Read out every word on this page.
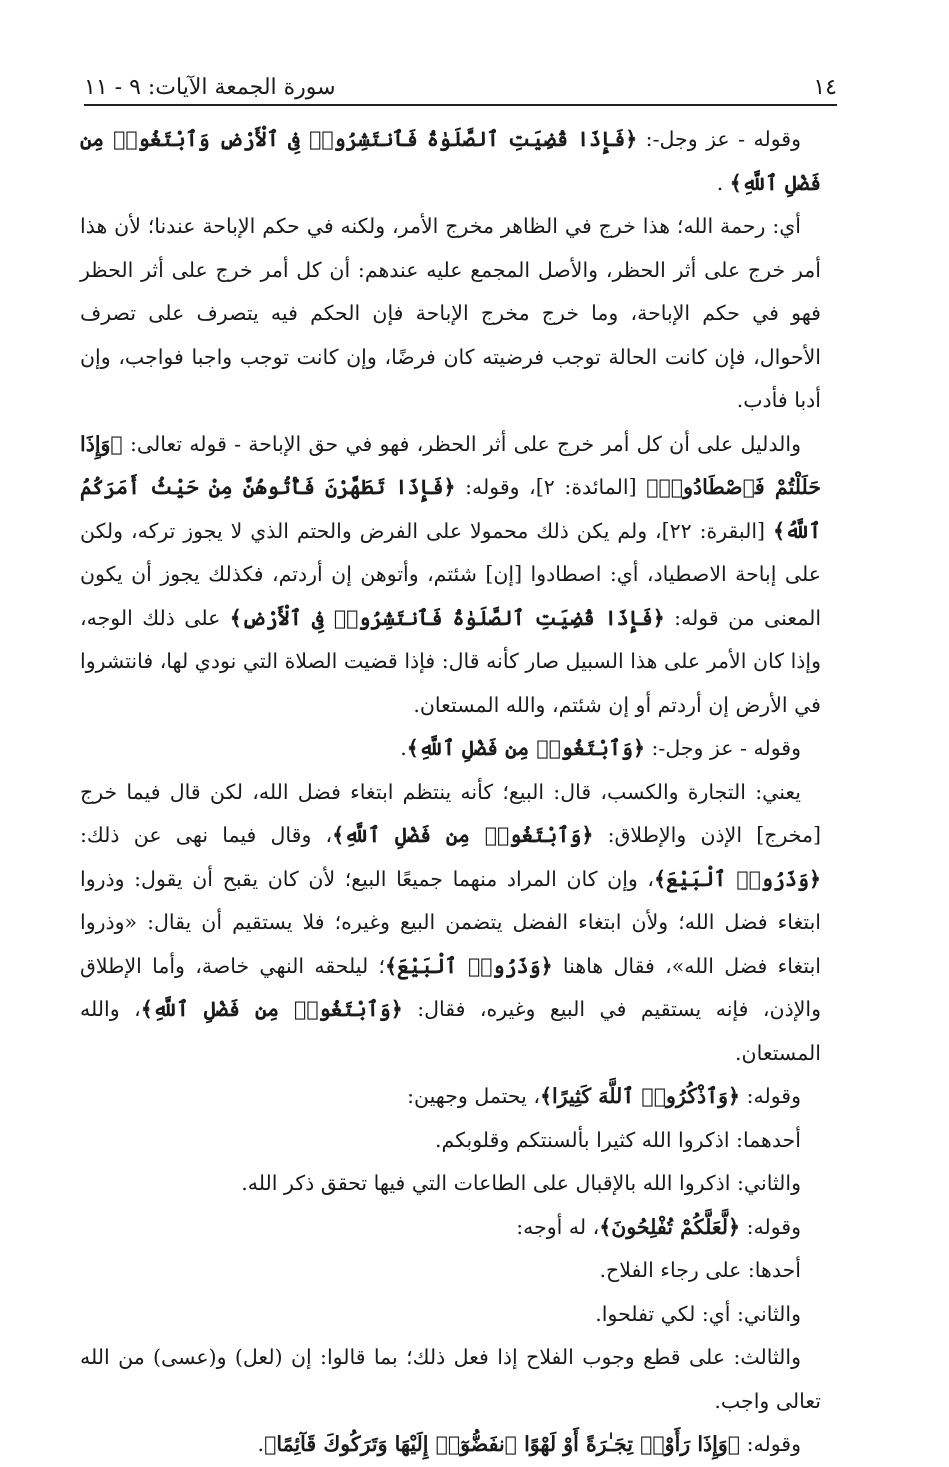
١٤
سورة الجمعة الآيات: ٩ - ١١

وقوله - عز وجل-: ﴿فَإِذَا قُضِيَتِ ٱلصَّلَوٰةُ فَٱنتَشِرُوا۟ فِى ٱلْأَرْضِ وَٱبْتَغُوا۟ مِن فَضْلِ ٱللَّهِ﴾ .

أي: رحمة الله؛ هذا خرج في الظاهر مخرج الأمر، ولكنه في حكم الإباحة عندنا؛ لأن هذا أمر خرج على أثر الحظر، والأصل المجمع عليه عندهم: أن كل أمر خرج على أثر الحظر فهو في حكم الإباحة، وما خرج مخرج الإباحة فإن الحكم فيه يتصرف على تصرف الأحوال، فإن كانت الحالة توجب فرضيته كان فرضًا، وإن كانت توجب واجبا فواجب، وإن أدبا فأدب.

والدليل على أن كل أمر خرج على أثر الحظر، فهو في حق الإباحة - قوله تعالى: ﴿وَإِذَا حَلَلْتُمْ فَٱصْطَادُوا۟﴾ [المائدة: ٢]، وقوله: ﴿فَإِذَا تَطَهَّرْنَ فَأْتُوهُنَّ مِنْ حَيْثُ أَمَرَكُمُ ٱللَّهُ﴾ [البقرة: ٢٢]، ولم يكن ذلك محمولا على الفرض والحتم الذي لا يجوز تركه، ولكن على إباحة الاصطياد، أي: اصطادوا [إن] شئتم، وأتوهن إن أردتم، فكذلك يجوز أن يكون المعنى من قوله: ﴿فَإِذَا قُضِيَتِ ٱلصَّلَوٰةُ فَٱنتَشِرُوا۟ فِى ٱلْأَرْضِ﴾ على ذلك الوجه، وإذا كان الأمر على هذا السبيل صار كأنه قال: فإذا قضيت الصلاة التي نودي لها، فانتشروا في الأرض إن أردتم أو إن شئتم، والله المستعان.

وقوله - عز وجل-: ﴿وَٱبْتَغُوا۟ مِن فَضْلِ ٱللَّهِ﴾.

يعني: التجارة والكسب، قال: البيع؛ كأنه ينتظم ابتغاء فضل الله، لكن قال فيما خرج [مخرج] الإذن والإطلاق: ﴿وَٱبْتَغُوا۟ مِن فَضْلِ ٱللَّهِ﴾، وقال فيما نهى عن ذلك: ﴿وَذَرُوا۟ ٱلْبَيْعَ﴾، وإن كان المراد منهما جميعًا البيع؛ لأن كان يقبح أن يقول: وذروا ابتغاء فضل الله؛ ولأن ابتغاء الفضل يتضمن البيع وغيره؛ فلا يستقيم أن يقال: «وذروا ابتغاء فضل الله»، فقال هاهنا ﴿وَذَرُوا۟ ٱلْبَيْعَ﴾؛ ليلحقه النهي خاصة، وأما الإطلاق والإذن، فإنه يستقيم في البيع وغيره، فقال: ﴿وَٱبْتَغُوا۟ مِن فَضْلِ ٱللَّهِ﴾، والله المستعان.

وقوله: ﴿وَٱذْكُرُوا۟ ٱللَّهَ كَثِيرًا﴾، يحتمل وجهين:

أحدهما: اذكروا الله كثيرا بألسنتكم وقلوبكم.

والثاني: اذكروا الله بالإقبال على الطاعات التي فيها تحقق ذكر الله.

وقوله: ﴿لَّعَلَّكُمْ تُفْلِحُونَ﴾، له أوجه:

أحدها: على رجاء الفلاح.

والثاني: أي: لكي تفلحوا.

والثالث: على قطع وجوب الفلاح إذا فعل ذلك؛ بما قالوا: إن (لعل) و(عسى) من الله تعالى واجب.

وقوله: ﴿وَإِذَا رَأَوْا۟ تِجَـٰرَةً أَوْ لَهْوًا ٱنفَضُّوٓا۟ إِلَيْهَا وَتَرَكُوكَ قَآئِمًا﴾.
